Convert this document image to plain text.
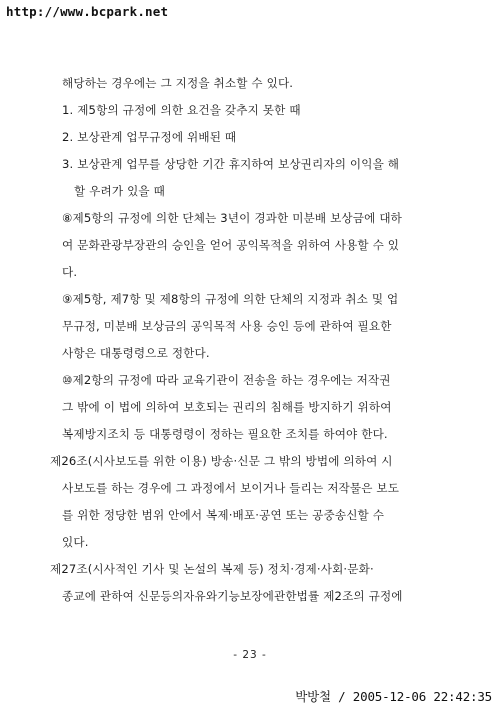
http://www.bcpark.net
해당하는 경우에는 그 지정을 취소할 수 있다.
1. 제5항의 규정에 의한 요건을 갖추지 못한 때
2. 보상관계 업무규정에 위배된 때
3. 보상관계 업무를 상당한 기간 휴지하여 보상권리자의 이익을 해
할 우려가 있을 때
⑧제5항의 규정에 의한 단체는 3년이 경과한 미분배 보상금에 대하
여 문화관광부장관의 승인을 얻어 공익목적을 위하여 사용할 수 있
다.
⑨제5항, 제7항 및 제8항의 규정에 의한 단체의 지정과 취소 및 업
무규정, 미분배 보상금의 공익목적 사용 승인 등에 관하여 필요한
사항은 대통령령으로 정한다.
⑩제2항의 규정에 따라 교육기관이 전송을 하는 경우에는 저작권
그 밖에 이 법에 의하여 보호되는 권리의 침해를 방지하기 위하여
복제방지조치 등 대통령령이 정하는 필요한 조치를 하여야 한다.
제26조(시사보도를 위한 이용) 방송·신문 그 밖의 방법에 의하여 시
사보도를 하는 경우에 그 과정에서 보이거나 들리는 저작물은 보도
를 위한 정당한 범위 안에서 복제·배포·공연 또는 공중송신할 수
있다.
제27조(시사적인 기사 및 논설의 복제 등) 정치·경제·사회·문화·
종교에 관하여 신문등의자유와기능보장에관한법률 제2조의 규정에
- 23 -
박방철 / 2005-12-06 22:42:35
